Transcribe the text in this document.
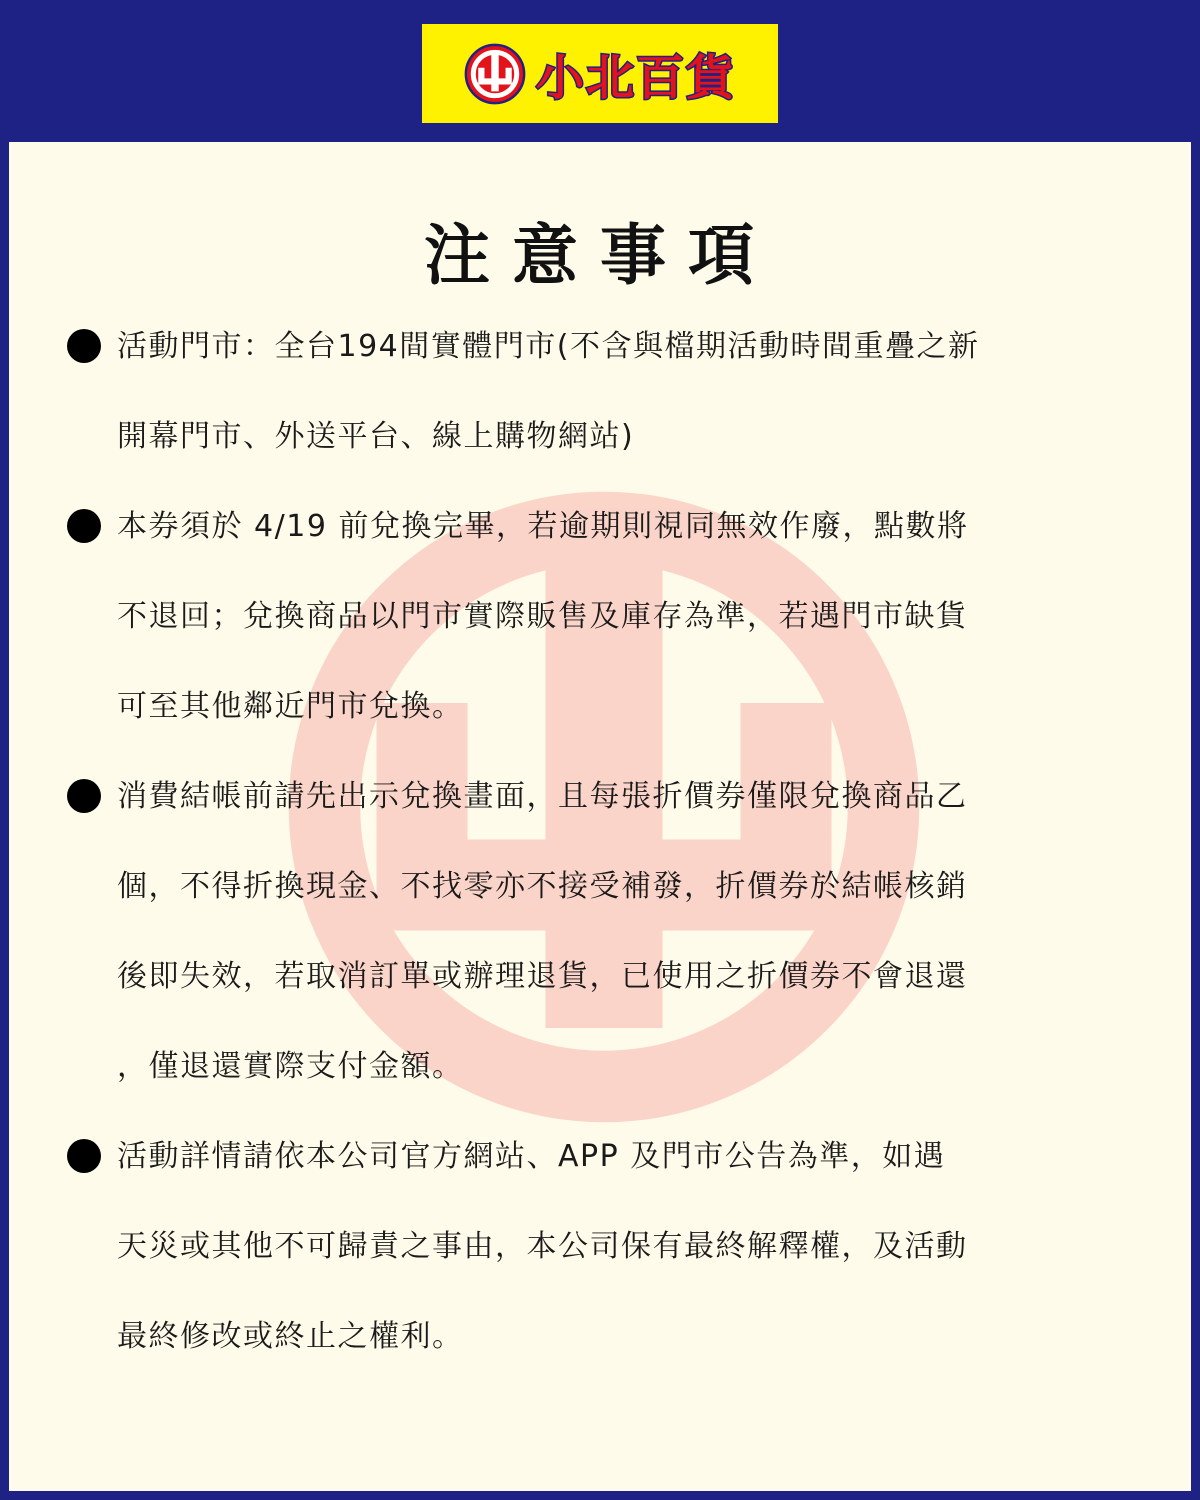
小北百貨
注意事項
活動門市：全台194間實體門市(不含與檔期活動時間重疊之新
開幕門市、外送平台、線上購物網站)
本券須於 4/19 前兌換完畢，若逾期則視同無效作廢，點數將
不退回；兌換商品以門市實際販售及庫存為準，若遇門市缺貨
可至其他鄰近門市兌換。
消費結帳前請先出示兌換畫面，且每張折價券僅限兌換商品乙
個，不得折換現金、不找零亦不接受補發，折價券於結帳核銷
後即失效，若取消訂單或辦理退貨，已使用之折價券不會退還
，僅退還實際支付金額。
活動詳情請依本公司官方網站、APP 及門市公告為準，如遇
天災或其他不可歸責之事由，本公司保有最終解釋權，及活動
最終修改或終止之權利。
